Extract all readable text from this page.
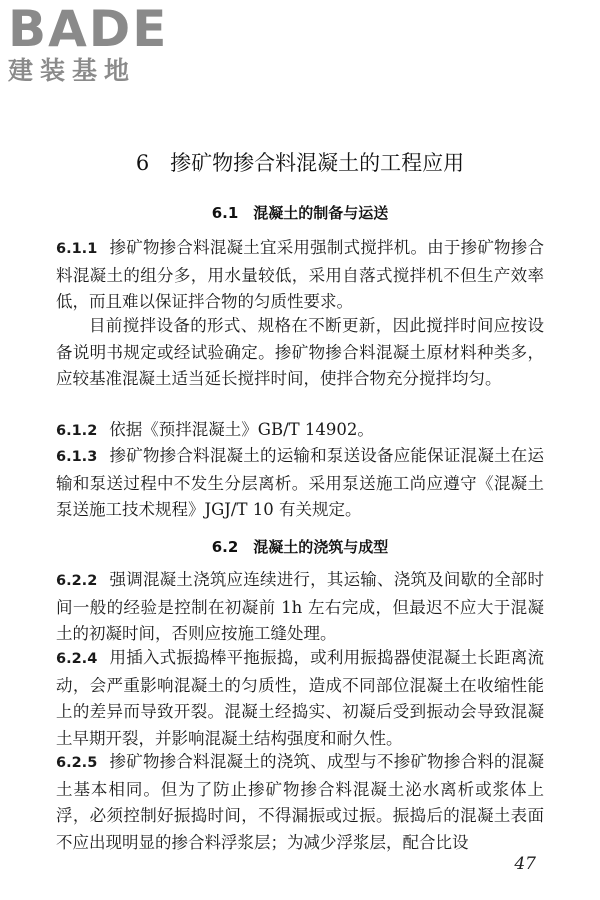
BADE
建装基地
6　掺矿物掺合料混凝土的工程应用
6.1　混凝土的制备与运送

6.1.1 掺矿物掺合料混凝土宜采用强制式搅拌机。由于掺矿物掺合料混凝土的组分多，用水量较低，采用自落式搅拌机不但生产效率低，而且难以保证拌合物的匀质性要求。

目前搅拌设备的形式、规格在不断更新，因此搅拌时间应按设备说明书规定或经试验确定。掺矿物掺合料混凝土原材料种类多，应较基准混凝土适当延长搅拌时间，使拌合物充分搅拌均匀。

6.1.2 依据《预拌混凝土》GB/T 14902。

6.1.3 掺矿物掺合料混凝土的运输和泵送设备应能保证混凝土在运输和泵送过程中不发生分层离析。采用泵送施工尚应遵守《混凝土泵送施工技术规程》JGJ/T 10 有关规定。

6.2　混凝土的浇筑与成型

6.2.2 强调混凝土浇筑应连续进行，其运输、浇筑及间歇的全部时间一般的经验是控制在初凝前 1h 左右完成，但最迟不应大于混凝土的初凝时间，否则应按施工缝处理。

6.2.4 用插入式振捣棒平拖振捣，或利用振捣器使混凝土长距离流动，会严重影响混凝土的匀质性，造成不同部位混凝土在收缩性能上的差异而导致开裂。混凝土经捣实、初凝后受到振动会导致混凝土早期开裂，并影响混凝土结构强度和耐久性。

6.2.5 掺矿物掺合料混凝土的浇筑、成型与不掺矿物掺合料的混凝土基本相同。但为了防止掺矿物掺合料混凝土泌水离析或浆体上浮，必须控制好振捣时间，不得漏振或过振。振捣后的混凝土表面不应出现明显的掺合料浮浆层；为减少浮浆层，配合比设

47
